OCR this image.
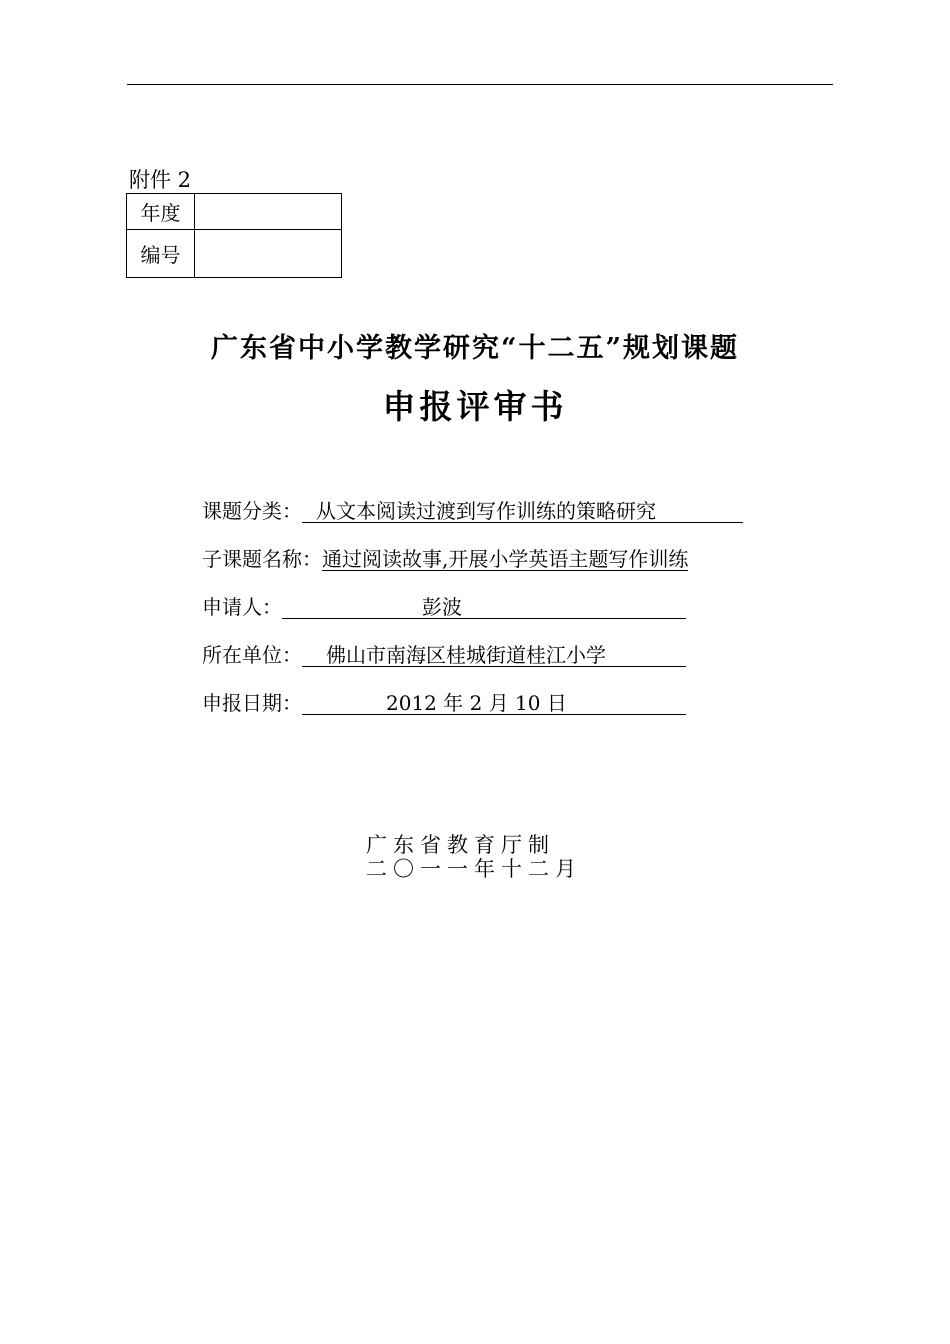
附件 2
年度	
编号	
广东省中小学教学研究“十二五”规划课题
申报评审书
课题分类： 从文本阅读过渡到写作训练的策略研究
子课题名称：通过阅读故事,开展小学英语主题写作训练
申请人：	彭波
所在单位： 佛山市南海区桂城街道桂江小学
申报日期：	2012 年 2 月 10 日
广东省教育厅制
二〇一一年十二月
